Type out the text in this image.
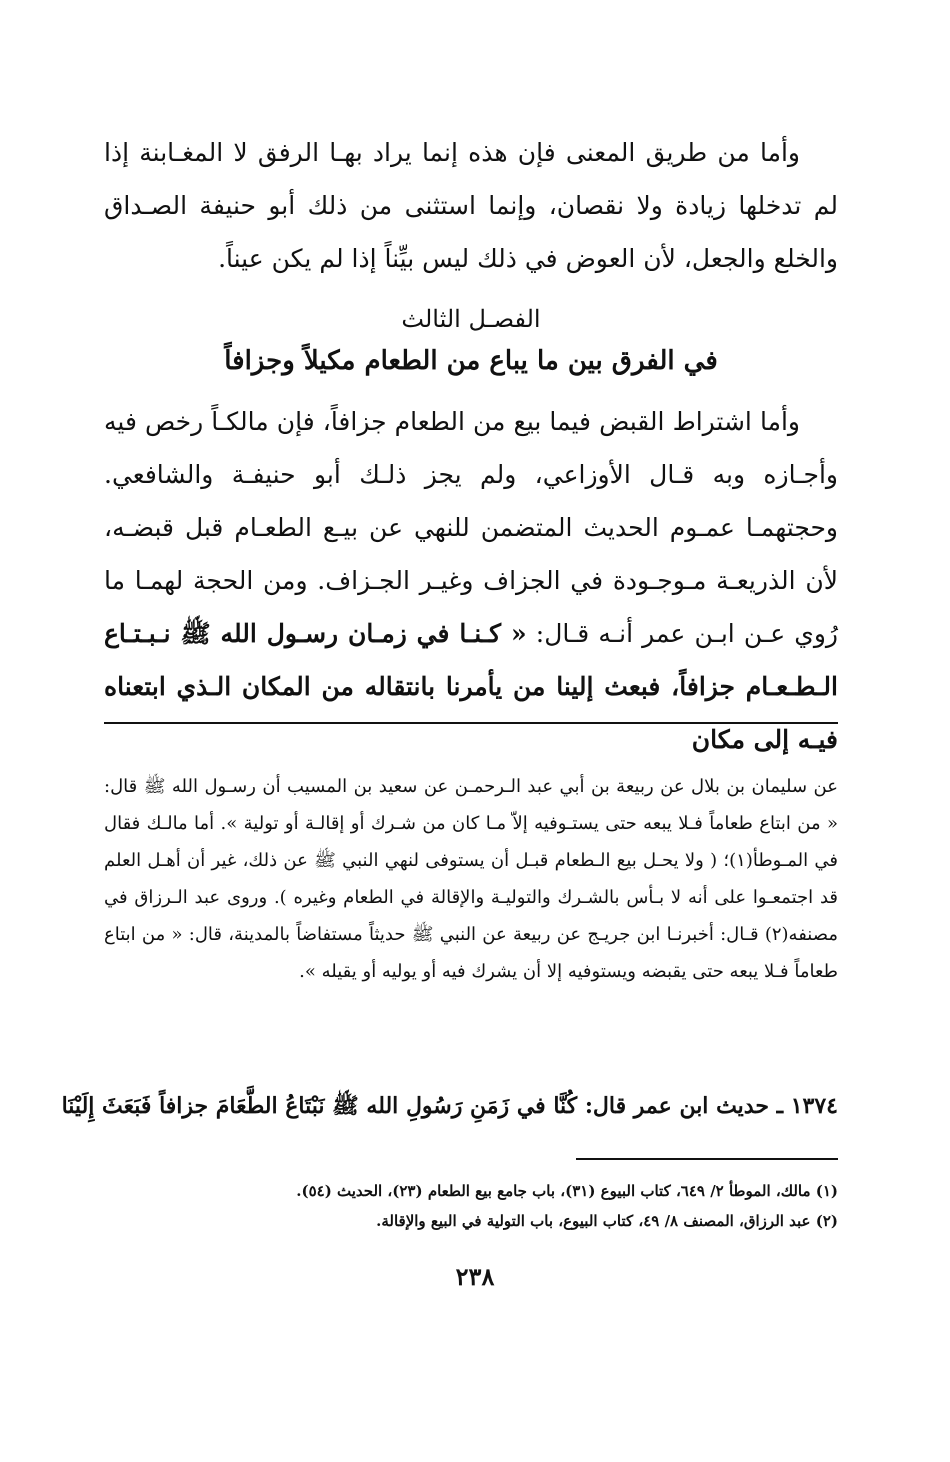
وأما من طريق المعنى فإن هذه إنما يراد بهـا الرفق لا المغـابنة إذا لم تدخلها زيادة ولا نقصان، وإنما استثنى من ذلك أبو حنيفة الصـداق والخلع والجعل، لأن العوض في ذلك ليس بيِّناً إذا لم يكن عيناً.

الفصـل الثالث
في الفرق بين ما يباع من الطعام مكيلاً وجزافاً

وأما اشتراط القبض فيما بيع من الطعام جزافاً، فإن مالكـاً رخص فيه وأجـازه وبه قـال الأوزاعي، ولم يجز ذلـك أبو حنيفـة والشافعي. وحجتهمـا عمـوم الحديث المتضمن للنهي عن بيـع الطعـام قبل قبضـه، لأن الذريعـة مـوجـودة في الجزاف وغيـر الجـزاف. ومن الحجة لهمـا ما رُوي عـن ابـن عمر أنـه قـال: « كـنـا في زمـان رسـول الله ﷺ نـبـتـاع الـطـعـام جزافاً، فبعث إلينا من يأمرنا بانتقاله من المكان الـذي ابتعناه فيـه إلى مكان

عن سليمان بن بلال عن ربيعة بن أبي عبد الـرحمـن عن سعيد بن المسيب أن رسـول الله ﷺ قال: « من ابتاع طعاماً فـلا يبعه حتى يستـوفيه إلاّ مـا كان من شـرك أو إقالـة أو تولية ». أما مالـك فقال في المـوطأ(١)؛ ( ولا يحـل بيع الـطعام قبـل أن يستوفى لنهي النبي ﷺ عن ذلك، غير أن أهـل العلم قد اجتمعـوا على أنه لا بـأس بالشـرك والتوليـة والإقالة في الطعام وغيره ). وروى عبد الـرزاق في مصنفه(٢) قـال: أخبرنـا ابن جريـج عن ربيعة عن النبي ﷺ حديثاً مستفاضاً بالمدينة، قال: « من ابتاع طعاماً فـلا يبعه حتى يقبضه ويستوفيه إلا أن يشرك فيه أو يوليه أو يقيله ».

١٣٧٤ ـ حديث ابن عمر قال: كُنَّا في زَمَنِ رَسُولِ الله ﷺ نَبْتَاعُ الطَّعَامَ جزافاً فَبَعَثَ إِلَيْنَا

(١) مالك، الموطأ ٢/ ٦٤٩، كتاب البيوع (٣١)، باب جامع بيع الطعام (٢٣)، الحديث (٥٤).

(٢) عبد الرزاق، المصنف ٨/ ٤٩، كتاب البيوع، باب التولية في البيع والإقالة.

٢٣٨
